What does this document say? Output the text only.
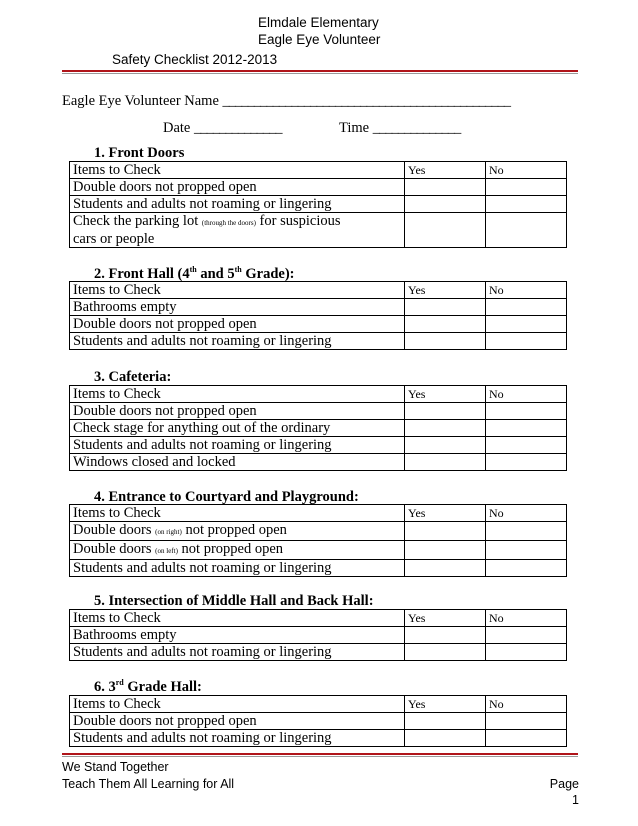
Elmdale Elementary
Eagle Eye Volunteer
Safety Checklist 2012-2013
Eagle Eye Volunteer Name ______________________________________________
Date ______________	Time ______________
1. Front Doors
Items to Check	Yes	No
Double doors not propped open		
Students and adults not roaming or lingering		
Check the parking lot (through the doors) for suspicious
cars or people		
2. Front Hall (4th and 5th Grade):
Items to Check	Yes	No
Bathrooms empty		
Double doors not propped open		
Students and adults not roaming or lingering		
3. Cafeteria:
Items to Check	Yes	No
Double doors not propped open		
Check stage for anything out of the ordinary		
Students and adults not roaming or lingering		
Windows closed and locked		
4. Entrance to Courtyard and Playground:
Items to Check	Yes	No
Double doors (on right) not propped open		
Double doors (on left) not propped open		
Students and adults not roaming or lingering		
5. Intersection of Middle Hall and Back Hall:
Items to Check	Yes	No
Bathrooms empty		
Students and adults not roaming or lingering		
6. 3rd Grade Hall:
Items to Check	Yes	No
Double doors not propped open		
Students and adults not roaming or lingering		
We Stand Together
Teach Them All Learning for All	Page 1
